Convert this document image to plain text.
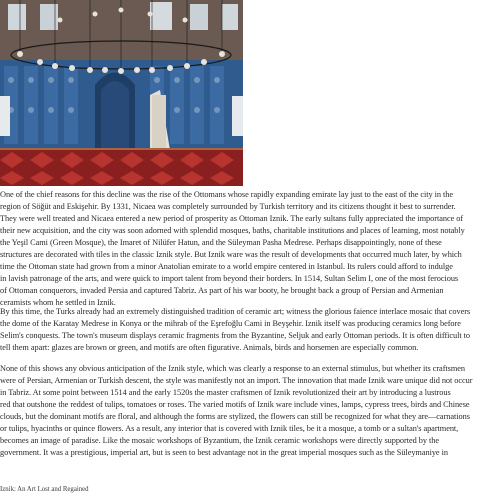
One of the chief reasons for this decline was the rise of the Ottomans whose rapidly expanding emirate lay just to the east of the city in the
region of Söğüt and Eskişehir. By 1331, Nicaea was completely surrounded by Turkish territory and its citizens thought it best to surrender.
They were well treated and Nicaea entered a new period of prosperity as Ottoman Iznik. The early sultans fully appreciated the importance of
their new acquisition, and the city was soon adorned with splendid mosques, baths, charitable institutions and places of learning, most notably
the Yeşil Cami (Green Mosque), the Imaret of Nilüfer Hatun, and the Süleyman Pasha Medrese. Perhaps disappointingly, none of these
structures are decorated with tiles in the classic Iznik style. But Iznik ware was the result of developments that occurred much later, by which
time the Ottoman state had grown from a minor Anatolian emirate to a world empire centered in Istanbul. Its rulers could afford to indulge
in lavish patronage of the arts, and were quick to import talent from beyond their borders. In 1514, Sultan Selim I, one of the most ferocious
of Ottoman conquerors, invaded Persia and captured Tabriz. As part of his war booty, he brought back a group of Persian and Armenian
ceramists whom he settled in Iznik.
By this time, the Turks already had an extremely distinguished tradition of ceramic art; witness the glorious faience interlace mosaic that covers
the dome of the Karatay Medrese in Konya or the mihrab of the Eşrefoğlu Cami in Beyşehir. Iznik itself was producing ceramics long before
Selim's conquests. The town's museum displays ceramic fragments from the Byzantine, Seljuk and early Ottoman periods. It is often difficult to
tell them apart: glazes are brown or green, and motifs are often figurative. Animals, birds and horsemen are especially common.
None of this shows any obvious anticipation of the Iznik style, which was clearly a response to an external stimulus, but whether its craftsmen
were of Persian, Armenian or Turkish descent, the style was manifestly not an import. The innovation that made Iznik ware unique did not occur
in Tabriz. At some point between 1514 and the early 1520s the master craftsmen of Iznik revolutionized their art by introducing a lustrous
red that outshone the reddest of tulips, tomatoes or roses. The varied motifs of Iznik ware include vines, lamps, cypress trees, birds and Chinese
clouds, but the dominant motifs are floral, and although the forms are stylized, the flowers can still be recognized for what they are—carnations
or tulips, hyacinths or quince flowers. As a result, any interior that is covered with Iznik tiles, be it a mosque, a tomb or a sultan's apartment,
becomes an image of paradise. Like the mosaic workshops of Byzantium, the Iznik ceramic workshops were directly supported by the
government. It was a prestigious, imperial art, but is seen to best advantage not in the great imperial mosques such as the Süleymaniye in
Iznik: An Art Lost and Regained
